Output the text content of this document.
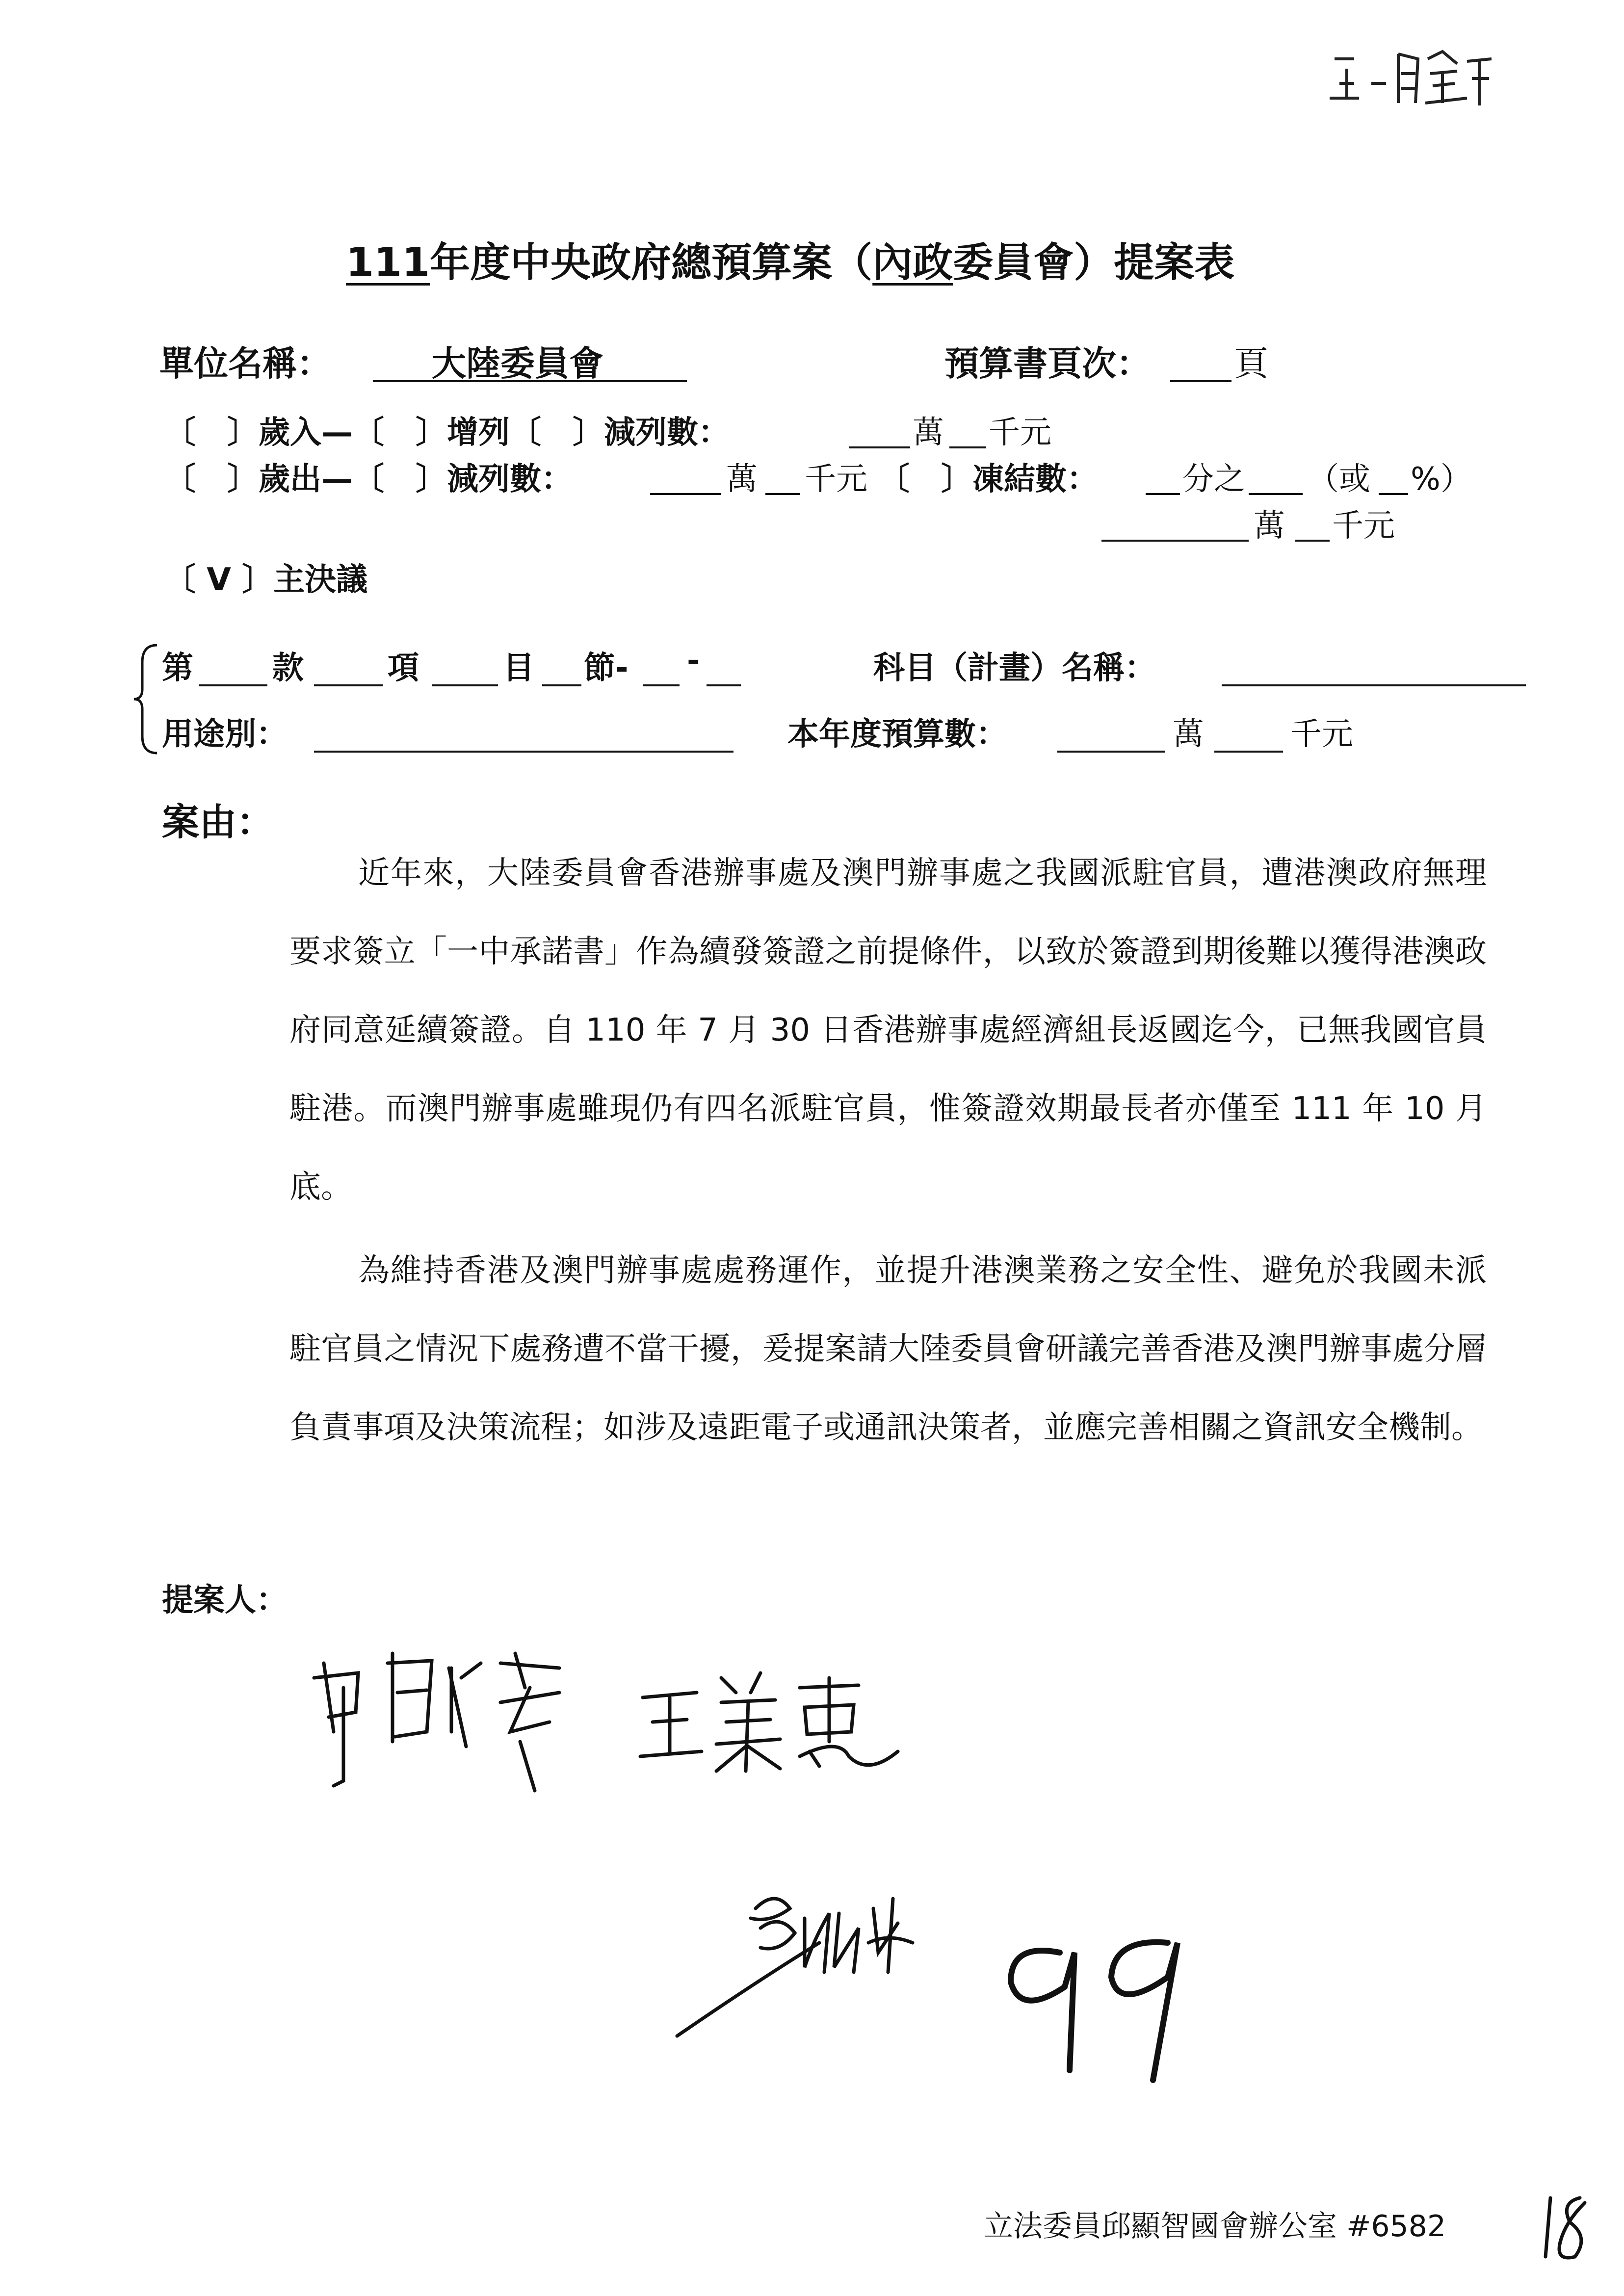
111年度中央政府總預算案（內政委員會）提案表
單位名稱：	大陸委員會	預算書頁次： 頁
〔　〕歲入—〔　〕增列〔　〕減列數：	萬 千元
〔　〕歲出—〔　〕減列數：	萬 千元 〔　〕凍結數：	分之 （或 %）
萬 千元
〔 V 〕主決議
第	款	項	目 節- -	科目（計畫）名稱：
用途別：	本年度預算數：	萬	千元
案由：

近年來，大陸委員會香港辦事處及澳門辦事處之我國派駐官員，遭港澳政府無理要求簽立「一中承諾書」作為續發簽證之前提條件，以致於簽證到期後難以獲得港澳政府同意延續簽證。自 110 年 7 月 30 日香港辦事處經濟組長返國迄今，已無我國官員駐港。而澳門辦事處雖現仍有四名派駐官員，惟簽證效期最長者亦僅至 111 年 10 月底。

為維持香港及澳門辦事處處務運作，並提升港澳業務之安全性、避免於我國未派駐官員之情況下處務遭不當干擾，爰提案請大陸委員會研議完善香港及澳門辦事處分層負責事項及決策流程；如涉及遠距電子或通訊決策者，並應完善相關之資訊安全機制。

提案人：
立法委員邱顯智國會辦公室 #6582
